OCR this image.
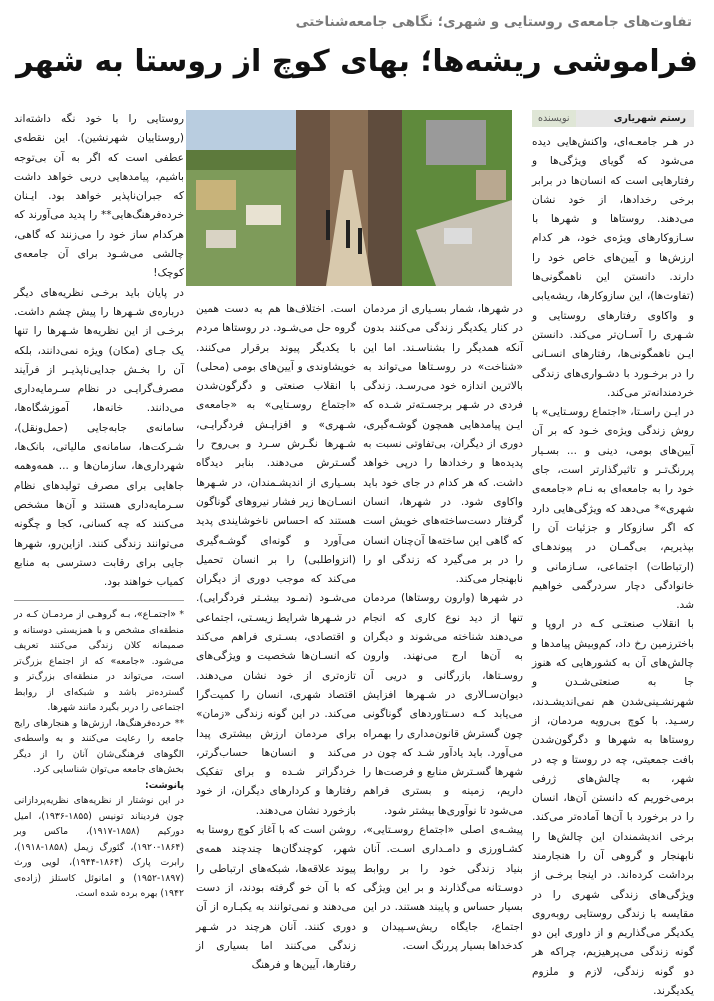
تفاوت‌های جامعه‌ی روستایی و شهری؛ نگاهی جامعه‌شناختی
فراموشی ریشه‌ها؛ بهای کوچ از روستا به شهر
رستم شهریاری
نویسنده

در هـر جامعـه‌ای، واکنش‌هایی دیده می‌شود که گویای ویژگی‌ها و رفتارهایی است که انسان‌ها در برابر برخی رخدادها، از خود نشان می‌دهند. روستاها و شهرها با سـازوکارهای ویژه‌ی خود، هر کدام ارزش‌ها و آیین‌های خاص خود را دارند. دانستن این ناهمگونی‌ها (تفاوت‌ها)، این سازوکارها، ریشه‌یابی و واکاوی رفتارهای روستایی و شـهری را آسـان‌تر می‌کند. دانستن ایـن ناهمگونی‌ها، رفتارهای انسـانی را در برخـورد با دشـواری‌های زندگی خردمندانه‌تر می‌کند.

در ایـن راسـتا، «اجتماع روسـتایی» با روش زندگی ویژه‌ی خـود که بر آن آیین‌های بومی، دینی و ... بسـیار پررنگ‌تـر و تاثیرگذارتر است، جای خود را به جامعه‌ای به نـام «جامعه‌ی شهری»* می‌دهد که ویژگی‌هایی دارد که اگر سازوکار و جزئیات آن را بپذیریم، بی‌گمـان در پیوندهـای (ارتباطات) اجتماعی، سـازمانی و خانوادگی دچار سردرگمی خواهیم شد.

با انقلاب صنعتـی کـه در اروپا و باختر‌زمین رخ داد، کم‌وبیش پیامدها و چالش‌های آن به کشورهایی که هنوز جا به صنعتی‌شـدن و شهرنشـینی‌شدن هم نمی‌اندیشـدند، رسـید. با کوچ بی‌رویه مردمان، از روستاها به شهرها و دگرگون‌شدن بافت جمعیتی، چه در روستا و چه در شهر، به چالش‌های ژرفی برمی‌خوریم که دانستن آن‌ها، انسان را در برخورد با آن‌ها آماده‌تر می‌کند. برخی اندیشمندان این چالش‌ها را نابهنجار و گروهی آن را هنجارمند برداشت کرده‌اند. در اینجا برخـی از ویژگی‌های زندگی شهری را در مقایسه با زندگی روستایی روبه‌روی یکدیگر می‌گذاریم و از داوری این دو گونه زندگی می‌پرهیزیم، چراکه هر دو گونه زندگی، لازم و ملزوم یکدیگرند.

در شهرها، شمار بسـیاری از مردمان در کنار یکدیگر زندگی می‌کنند بدون آنکه همدیگر را بشناسـند. اما این «شناخت» در روسـتاها می‌تواند به بالاترین اندازه خود می‌رسـد. زندگی فردی در شـهر برجسـته‌تر شـده که ایـن پیامدهایی همچون گوشـه‌گیری، دوری از دیگران، بی‌تفاوتی نسبت به پدیده‌ها و رخدادها را درپی خواهد داشت. که هر کدام در جای خود باید واکاوی شود. در شهرها، انسان گرفتار دست‌ساخته‌های خویش است که گاهی این ساخته‌ها آن‌چنان انسان را در بر می‌گیرد که زندگی او را نابهنجار می‌کند.

در شهرها (وارون روستاها) مردمان تنها از دید نوع کاری که انجام می‌دهند شناخته می‌شوند و دیگران به آن‌ها ارج می‌نهند. وارون روسـتاها، بازرگانی و دریی آن دیوان‌سـالاری در شـهرها افزایش می‌یابد کـه دسـتاوردهای گوناگونی چون گسترش قانون‌مداری را بهمراه می‌آورد. باید یادآور شـد که چون در شهرها گسـترش منابع و فرصت‌ها را داریم، زمینه و بستری فراهم می‌شود تا نوآوری‌ها بیشتر شود.

پیشـه‌ی اصلی «اجتماع روسـتایی»، کشـاورزی و دامـداری اسـت. آنان بنیاد زندگی خود را بر روابط دوسـتانه می‌گذارند و بر این ویژگی بسیار حساس و پایبند هستند. در این اجتماع، جایگاه ریش‌سـپیدان و کدخداها بسیار پررنگ است.

است. اختلاف‌ها هم به دست همین گروه حل می‌شـود. در روستاها مردم با یکدیگر پیوند برقرار می‌کنند. خویشاوندی و آیین‌های بومی (محلی) با انقلاب صنعتی و دگرگون‌شدن «اجتماع روسـتایی» به «جامعه‌ی شـهری» و افزایـش فردگرایـی، شـهرها نگـرش سـرد و بی‌روح را گسـترش می‌دهند. بنابر دیدگاه بسـیاری از اندیشـمندان، در شـهرها انسـان‌ها زیر فشار نیروهای گوناگون هستند که احساس ناخوشایندی پدید می‌آورد و گونه‌ای گوشـه‌گیری (انزواطلبی) را بر انسان تحمیل می‌کند که موجب دوری از دیگران می‌شـود (نمـود بیشـتر فردگرایی). در شـهرها شرایط زیسـتی، اجتماعی و اقتصادی، بسـتری فراهم می‌کند که انسـان‌ها شخصیت و ویژگی‌های تازه‌تری از خود نشان می‌دهند. اقتصاد شهری، انسان را کمیت‌گرا می‌کند. در این گونه زندگی «زمان» برای مردمان ارزش بیشتری پیدا می‌کند و انسان‌ها حساب‌گرتر، خردگراتر شـده و برای تفکیک رفتارها و کردارهای دیگران، از خود بازخورد نشان می‌دهند.

روشن است که با آغاز کوچ روستا به شهر، کوچندگان‌ها چندچند همه‌ی پیوند علاقه‌ها، شبکه‌های ارتباطی را که با آن خو گرفته بودند، از دست می‌دهند و نمی‌توانند به یکبـاره از آن دوری کنند. آنان هرچند در شـهر زندگی می‌کنند اما بسیاری از رفتارها، آیین‌ها و فرهنگ

روستایی را با خود نگه داشته‌اند (روستاییان شهرنشین). این نقطه‌ی عطفی است که اگر به آن بی‌توجه باشیم، پیامدهایی دربی خواهد داشت که جبران‌ناپذیر خواهد بود. ایـنان خرده‌فرهنگ‌هایی** را پدید می‌آورند که هرکدام ساز خود را می‌زنند که گاهی، چالشی می‌شـود برای آن جامعه‌ی کوچک!

در پایان باید برخـی نظریه‌های دیگر درباره‌ی شـهرها را پیش چشم داشت. برخـی از این نظریه‌ها شـهرها را تنها یک جـای (مکان) ویژه نمی‌دانند، بلکه آن را بخـش جدایی‌ناپذیـر از فرآیند مصرف‌گرایـی در نظام سـرمایه‌داری می‌دانند. خانه‌ها، آموزشگاه‌ها، سامانه‌ی جابه‌جایی (حمل‌ونقل)، شـرکت‌ها، سامانه‌ی مالیاتی، بانک‌ها، شهرداری‌ها، سازمان‌ها و ... همه‌وهمه جاهایی برای مصرف تولیدهای نظام سـرمایه‌داری هستند و آن‌ها مشخص می‌کنند که چه کسانی، کجا و چگونه می‌توانند زندگی کنند. ازاین‌رو، شهرها جایی برای رقابت دسترسی به منابع کمیاب خواهند بود.

* «اجتمـاع»، بـه گروهـی از مردمـان کـه در منطقه‌ای مشخص و با همزیستی دوستانه و صمیمانه کلان زندگی می‌کنند تعریف می‌شود. «جامعه» که از اجتماع بزرگ‌تر است، می‌تواند در منطقه‌ای بزرگ‌تر و گسترده‌تر باشد و شبکه‌ای از روابط اجتماعی را دربر بگیرد مانند شهرها.

** خرده‌فرهنگ‌ها، ارزش‌ها و هنجارهای رایج جامعه را رعایت می‌کنند و به واسطه‌ی الگوهای فرهنگی‌شان آنان را از دیگر بخش‌های جامعه می‌توان شناسایی کرد.

پانوشت:

در این نوشتار از نظریه‌های نظریه‌پردازانی چون فردیناند تونیس (۱۸۵۵-۱۹۳۶)، امیل دورکیم (۱۸۵۸-۱۹۱۷)، ماکس وبر (۱۸۶۴-۱۹۲۰)، گئورگ زیمل (۱۸۵۸-۱۹۱۸)، رابرت پارک (۱۸۶۴-۱۹۴۴)، لویی ورث (۱۸۹۷-۱۹۵۲) و امانوئل کاستلز (زاده‌ی ۱۹۴۲) بهره برده شده است.
